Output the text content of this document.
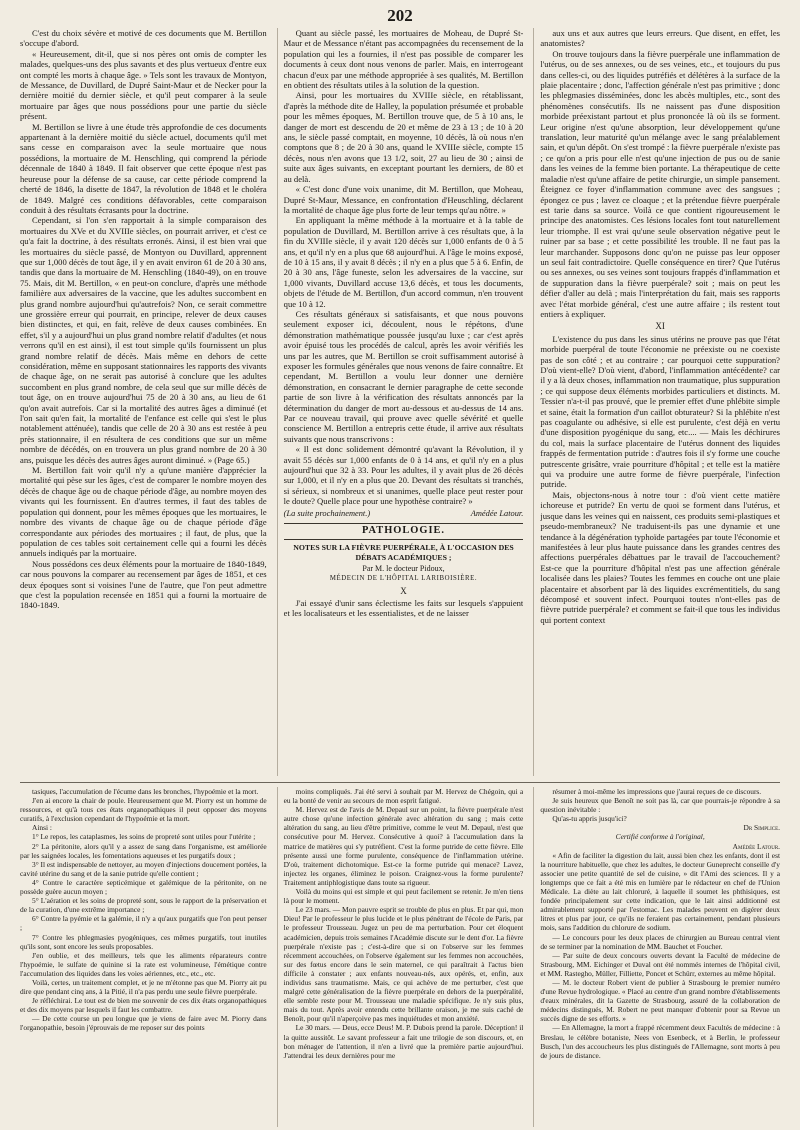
202

C'est du choix sévère et motivé de ces documents que M. Bertillon s'occupe d'abord.

« Heureusement, dit-il, que si nos pères ont omis de compter les malades, quelques-uns des plus savants et des plus vertueux d'entre eux ont compté les morts à chaque âge. » Tels sont les travaux de Montyon, de Messance, de Duvillard, de Dupré Saint-Maur et de Necker pour la dernière moitié du dernier siècle, et qu'il peut comparer à la seule mortuaire par âges que nous possédions pour une partie du siècle présent.

M. Bertillon se livre à une étude très approfondie de ces documents appartenant à la dernière moitié du siècle actuel, documents qu'il met sans cesse en comparaison avec la seule mortuaire que nous possédions, la mortuaire de M. Henschling, qui comprend la période décennale de 1840 à 1849. Il fait observer que cette époque n'est pas heureuse pour la défense de sa cause, car cette période comprend la cherté de 1846, la disette de 1847, la révolution de 1848 et le choléra de 1849. Malgré ces conditions défavorables, cette comparaison conduit à des résultats écrasants pour la doctrine.

Cependant, si l'on s'en rapportait à la simple comparaison des mortuaires du XVe et du XVIIIe siècles, on pourrait arriver, et c'est ce qu'a fait la doctrine, à des résultats erronés. Ainsi, il est bien vrai que les mortuaires du siècle passé, de Montyon ou Duvillard, apprennent que sur 1,000 décès de tout âge, il y en avait environ 61 de 20 à 30 ans, tandis que dans la mortuaire de M. Henschling (1840-49), on en trouve 75. Mais, dit M. Bertillon, « en peut-on conclure, d'après une méthode familière aux adversaires de la vaccine, que les adultes succombent en plus grand nombre aujourd'hui qu'autrefois? Non, ce serait commettre une grossière erreur qui pourrait, en principe, relever de deux causes bien distinctes, et qui, en fait, relève de deux causes combinées. En effet, s'il y a aujourd'hui un plus grand nombre relatif d'adultes (et nous verrons qu'il en est ainsi), il est tout simple qu'ils fournissent un plus grand nombre relatif de décès. Mais même en dehors de cette considération, même en supposant stationnaires les rapports des vivants de chaque âge, on ne serait pas autorisé à conclure que les adultes succombent en plus grand nombre, de cela seul que sur mille décès de tout âge, on en trouve aujourd'hui 75 de 20 à 30 ans, au lieu de 61 qu'on avait autrefois. Car si la mortalité des autres âges a diminué (et l'on sait qu'en fait, la mortalité de l'enfance est celle qui s'est le plus notablement atténuée), tandis que celle de 20 à 30 ans est restée à peu près stationnaire, il en résultera de ces conditions que sur un même nombre de décédés, on en trouvera un plus grand nombre de 20 à 30 ans, puisque les décès des autres âges auront diminué. » (Page 65.)

M. Bertillon fait voir qu'il n'y a qu'une manière d'apprécier la mortalité qui pèse sur les âges, c'est de comparer le nombre moyen des décès de chaque âge ou de chaque période d'âge, au nombre moyen des vivants qui les fournissent. En d'autres termes, il faut des tables de population qui donnent, pour les mêmes époques que les mortuaires, le nombre des vivants de chaque âge ou de chaque période d'âge correspondante aux périodes des mortuaires ; il faut, de plus, que la population de ces tables soit certainement celle qui a fourni les décès annuels indiqués par la mortuaire.

Nous possédons ces deux éléments pour la mortuaire de 1840-1849, car nous pouvons la comparer au recensement par âges de 1851, et ces deux époques sont si voisines l'une de l'autre, que l'on peut admettre que c'est la population recensée en 1851 qui a fourni la mortuaire de 1840-1849.

Quant au siècle passé, les mortuaires de Moheau, de Dupré St-Maur et de Messance n'étant pas accompagnées du recensement de la population qui les a fournies, il n'est pas possible de comparer les documents à ceux dont nous venons de parler. Mais, en interrogeant chacun d'eux par une méthode appropriée à ses qualités, M. Bertillon en obtient des résultats utiles à la solution de la question.

Ainsi, pour les mortuaires du XVIIIe siècle, en rétablissant, d'après la méthode dite de Halley, la population présumée et probable pour les mêmes époques, M. Bertillon trouve que, de 5 à 10 ans, le danger de mort est descendu de 20 et même de 23 à 13 ; de 10 à 20 ans, le siècle passé comptait, en moyenne, 10 décès, là où nous n'en comptons que 8 ; de 20 à 30 ans, quand le XVIIIe siècle, compte 15 décès, nous n'en avons que 13 1/2, soit, 27 au lieu de 30 ; ainsi de suite aux âges suivants, en exceptant pourtant les derniers, de 80 et au delà.

« C'est donc d'une voix unanime, dit M. Bertillon, que Moheau, Dupré St-Maur, Messance, en confrontation d'Heuschling, déclarent la mortalité de chaque âge plus forte de leur temps qu'au nôtre. »

En appliquant la même méthode à la mortuaire et à la table de population de Duvillard, M. Bertillon arrive à ces résultats que, à la fin du XVIIIe siècle, il y avait 120 décès sur 1,000 enfants de 0 à 5 ans, et qu'il n'y en a plus que 68 aujourd'hui. A l'âge le moins exposé, de 10 à 15 ans, il y avait 8 décès ; il n'y en a plus que 5 à 6. Enfin, de 20 à 30 ans, l'âge funeste, selon les adversaires de la vaccine, sur 1,000 vivants, Duvillard accuse 13,6 décès, et tous les documents, objets de l'étude de M. Bertillon, d'un accord commun, n'en trouvent que 10 à 12.

Ces résultats généraux si satisfaisants, et que nous pouvons seulement exposer ici, découlent, nous le répétons, d'une démonstration mathématique poussée jusqu'au luxe ; car c'est après avoir épuisé tous les procédés de calcul, après les avoir vérifiés les uns par les autres, que M. Bertillon se croit suffisamment autorisé à exposer les formules générales que nous venons de faire connaître. Et cependant, M. Bertillon a voulu leur donner une dernière démonstration, en consacrant le dernier paragraphe de cette seconde partie de son livre à la vérification des résultats annoncés par la détermination du danger de mort au-dessous et au-dessus de 14 ans. Par ce nouveau travail, qui prouve avec quelle sévérité et quelle conscience M. Bertillon a entrepris cette étude, il arrive aux résultats suivants que nous transcrivons :

« Il est donc solidement démontré qu'avant la Révolution, il y avait 55 décès sur 1,000 enfants de 0 à 14 ans, et qu'il n'y en a plus aujourd'hui que 32 à 33. Pour les adultes, il y avait plus de 26 décès sur 1,000, et il n'y en a plus que 20. Devant des résultats si tranchés, si sérieux, si nombreux et si unanimes, quelle place peut rester pour le doute? Quelle place pour une hypothèse contraire? »

(La suite prochainement.)	Amédée Latour.
PATHOLOGIE.
NOTES SUR LA FIÈVRE PUERPÉRALE, À L'OCCASION DES DÉBATS ACADÉMIQUES ;
Par M. le docteur Pidoux,
MÉDECIN DE L'HÔPITAL LARIBOISIÈRE.
X

J'ai essayé d'unir sans éclectisme les faits sur lesquels s'appuient et les localisateurs et les essentialistes, et de ne laisser

aux uns et aux autres que leurs erreurs. Que disent, en effet, les anatomistes?

On trouve toujours dans la fièvre puerpérale une inflammation de l'utérus, ou de ses annexes, ou de ses veines, etc., et toujours du pus dans celles-ci, ou des liquides putréfiés et délétères à la surface de la plaie placentaire ; donc, l'affection générale n'est pas primitive ; donc les phlegmasies disséminées, donc les abcès multiples, etc., sont des phénomènes consécutifs. Ils ne naissent pas d'une disposition morbide préexistant partout et plus prononcée là où ils se forment. Leur origine n'est qu'une absorption, leur développement qu'une translation, leur maturité qu'un mélange avec le sang préalablement sain, et qu'un dépôt. On s'est trompé : la fièvre puerpérale n'existe pas ; ce qu'on a pris pour elle n'est qu'une injection de pus ou de sanie dans les veines de la femme bien portante. La thérapeutique de cette maladie n'est qu'une affaire de petite chirurgie, un simple pansement. Éteignez ce foyer d'inflammation commune avec des sangsues ; épongez ce pus ; lavez ce cloaque ; et la prétendue fièvre puerpérale est tarie dans sa source. Voilà ce que contient rigoureusement le principe des anatomistes. Ces lésions locales font tout naturellement leur triomphe. Il est vrai qu'une seule observation négative peut le ruiner par sa base ; et cette possibilité les trouble. Il ne faut pas la leur marchander. Supposons donc qu'on ne puisse pas leur opposer un seul fait contradictoire. Quelle conséquence en tirer? Que l'utérus ou ses annexes, ou ses veines sont toujours frappés d'inflammation et de suppuration dans la fièvre puerpérale? soit ; mais on peut les défier d'aller au delà ; mais l'interprétation du fait, mais ses rapports avec l'état morbide général, c'est une autre affaire ; ils restent tout entiers à expliquer.

XI

L'existence du pus dans les sinus utérins ne prouve pas que l'état morbide puerpéral de toute l'économie ne préexiste ou ne coexiste pas de son côté ; et au contraire ; car pourquoi cette suppuration? D'où vient-elle? D'où vient, d'abord, l'inflammation antécédente? car il y a là deux choses, inflammation non traumatique, plus suppuration ; ce qui suppose deux éléments morbides particuliers et distincts. M. Tessier n'a-t-il pas prouvé, que le premier effet d'une phlébite simple et saine, était la formation d'un caillot obturateur? Si la phlébite n'est pas coagulante ou adhésive, si elle est purulente, c'est déjà en vertu d'une disposition pyogénique du sang, etc.... — Mais les déchirures du col, mais la surface placentaire de l'utérus donnent des liquides frappés de fermentation putride : d'autres fois il s'y forme une couche putrescente grisâtre, vraie pourriture d'hôpital ; et telle est la matière qui va produire une autre forme de fièvre puerpérale, l'infection putride.

Mais, objectons-nous à notre tour : d'où vient cette matière ichoreuse et putride? En vertu de quoi se forment dans l'utérus, et jusque dans les veines qui en naissent, ces produits semi-plastiques et pseudo-membraneux? Ne traduisent-ils pas une dynamie et une tendance à la dégénération typhoïde partagées par toute l'économie et manifestées à leur plus haute puissance dans les grandes centres des affections puerpérales débattues par le travail de l'accouchement? Est-ce que la pourriture d'hôpital n'est pas une affection générale localisée dans les plaies? Toutes les femmes en couche ont une plaie placentaire et absorbent par là des liquides excrémentitiels, du sang décomposé et souvent infect. Pourquoi toutes n'ont-elles pas de fièvre putride puerpérale? et comment se fait-il que tous les individus qui portent context

tasiques, l'accumulation de l'écume dans les bronches, l'hypoémie et la mort.

J'en ai encore la chair de poule. Heureusement que M. Piorry est un homme de ressources, et qu'à tous ces états organopathiques il peut opposer des moyens curatifs, à l'exclusion cependant de l'hypoémie et la mort.

Ainsi :

1° Le repos, les cataplasmes, les soins de propreté sont utiles pour l'utérite ;

2° La péritonite, alors qu'il y a assez de sang dans l'organisme, est améliorée par les saignées locales, les fomentations aqueuses et les purgatifs doux ;

3° Il est indispensable de nettoyer, au moyen d'injections doucement portées, la cavité utérine du sang et de la sanie putride qu'elle contient ;

4° Contre le caractère septicémique et galémique de la péritonite, on ne possède guère aucun moyen ;

5° L'aération et les soins de propreté sont, sous le rapport de la préservation et de la curation, d'une extrême importance ;

6° Contre la pyémie et la galémie, il n'y a qu'aux purgatifs que l'on peut penser ;

7° Contre les phlegmasies pyogéniques, ces mêmes purgatifs, tout inutiles qu'ils sont, sont encore les seuls proposables.

J'en oublie, et des meilleurs, tels que les aliments réparateurs contre l'hypoémie, le sulfate de quinine si la rate est volumineuse, l'émétique contre l'accumulation des liquides dans les voies aériennes, etc., etc., etc.

Voilà, certes, un traitement complet, et je ne m'étonne pas que M. Piorry ait pu dire que pendant cinq ans, à la Pitié, il n'a pas perdu une seule fièvre puerpérale.

Je réfléchirai. Le tout est de bien me souvenir de ces dix états organopathiques et des dix moyens par lesquels il faut les combattre.

— De cette course un peu longue que je viens de faire avec M. Piorry dans l'organopathie, besoin j'éprouvais de me reposer sur des points

moins compliqués. J'ai été servi à souhait par M. Hervez de Chégoin, qui a eu la bonté de venir au secours de mon esprit fatigué.

M. Hervez est de l'avis de M. Depaul sur un point, la fièvre puerpérale n'est autre chose qu'une infection générale avec altération du sang ; mais cette altération du sang, au lieu d'être primitive, comme le veut M. Depaul, n'est que consécutive pour M. Hervez. Consécutive à quoi? à l'accumulation dans la matrice de matières qui s'y putréfient. C'est la forme putride de cette fièvre. Elle présente aussi une forme purulente, conséquence de l'inflammation utérine. D'où, traitement dichotomique. Est-ce la forme putride qui menace? Lavez, injectez les organes, éliminez le poison. Craignez-vous la forme purulente? Traitement antiphlogistique dans toute sa rigueur.

Voilà du moins qui est simple et qui peut facilement se retenir. Je m'en tiens là pour le moment.

Le 23 mars. — Mon pauvre esprit se trouble de plus en plus. Et par qui, mon Dieu! Par le professeur le plus lucide et le plus pénétrant de l'école de Paris, par le professeur Trousseau. Jugez un peu de ma perturbation. Pour cet éloquent académicien, depuis trois semaines l'Académie discute sur le dent d'or. La fièvre puerpérale n'existe pas ; c'est-à-dire que si on l'observe sur les femmes récemment accouchées, on l'observe également sur les femmes non accouchées, sur des fœtus encore dans le sein maternel, ce qui paraîtrait à l'actus bien difficile à constater ; aux enfants nouveau-nés, aux opérés, et, enfin, aux individus sans traumatisme. Mais, ce qui achève de me perturber, c'est que malgré cette généralisation de la fièvre puerpérale en dehors de la puerpéralité, elle semble reste pour M. Trousseau une maladie spécifique. Je n'y suis plus, mais du tout. Après avoir entendu cette brillante oraison, je me suis caché de Benoît, pour qu'il n'aperçoive pas mes inquiétudes et mon anxiété.

Le 30 mars. — Deus, ecce Deus! M. P. Dubois prend la parole. Déception! il la quitte aussitôt. Le savant professeur a fait une trilogie de son discours, et, en bon ménager de l'attention, il n'en a livré que la première partie aujourd'hui. J'attendrai les deux dernières pour me

résumer à moi-même les impressions que j'aurai reçues de ce discours.

Je suis heureux que Benoît ne soit pas là, car que pourrais-je répondre à sa question inévitable :

Qu'as-tu appris jusqu'ici?

Dr Simplice.
Certifié conforme à l'original,
Amédée Latour.

« Afin de faciliter la digestion du lait, aussi bien chez les enfants, dont il est la nourriture habituelle, que chez les adultes, le docteur Guneprecht conseille d'y associer une petite quantité de sel de cuisine, » dit l'Ami des sciences. Il y a longtemps que ce fait a été mis en lumière par le rédacteur en chef de l'Union Médicale. La diète au lait chloruré, à laquelle il soumet les phthisiques, est fondée principalement sur cette indication, que le lait ainsi additionné est admirablement supporté par l'estomac. Les malades peuvent en digérer deux litres et plus par jour, ce qu'ils ne feraient pas certainement, pendant plusieurs mois, sans l'addition du chlorure de sodium.

— Le concours pour les deux places de chirurgien au Bureau central vient de se terminer par la nomination de MM. Bauchet et Foucher.

— Par suite de deux concours ouverts devant la Faculté de médecine de Strasbourg, MM. Eichinger et Duval ont été nommés internes de l'hôpital civil, et MM. Rastegho, Müller, Filliette, Poncet et Schürr, externes au même hôpital.

— M. le docteur Robert vient de publier à Strasbourg le premier numéro d'une Revue hydrologique. « Placé au centre d'un grand nombre d'établissements d'eaux minérales, dit la Gazette de Strasbourg, assuré de la collaboration de médecins distingués, M. Robert ne peut manquer d'obtenir pour sa Revue un succès digne de ses efforts. »

— En Allemagne, la mort a frappé récemment deux Facultés de médecine : à Breslau, le célèbre botaniste, Nees von Esenbeck, et à Berlin, le professeur Busch, l'un des accoucheurs les plus distingués de l'Allemagne, sont morts à peu de jours de distance.
